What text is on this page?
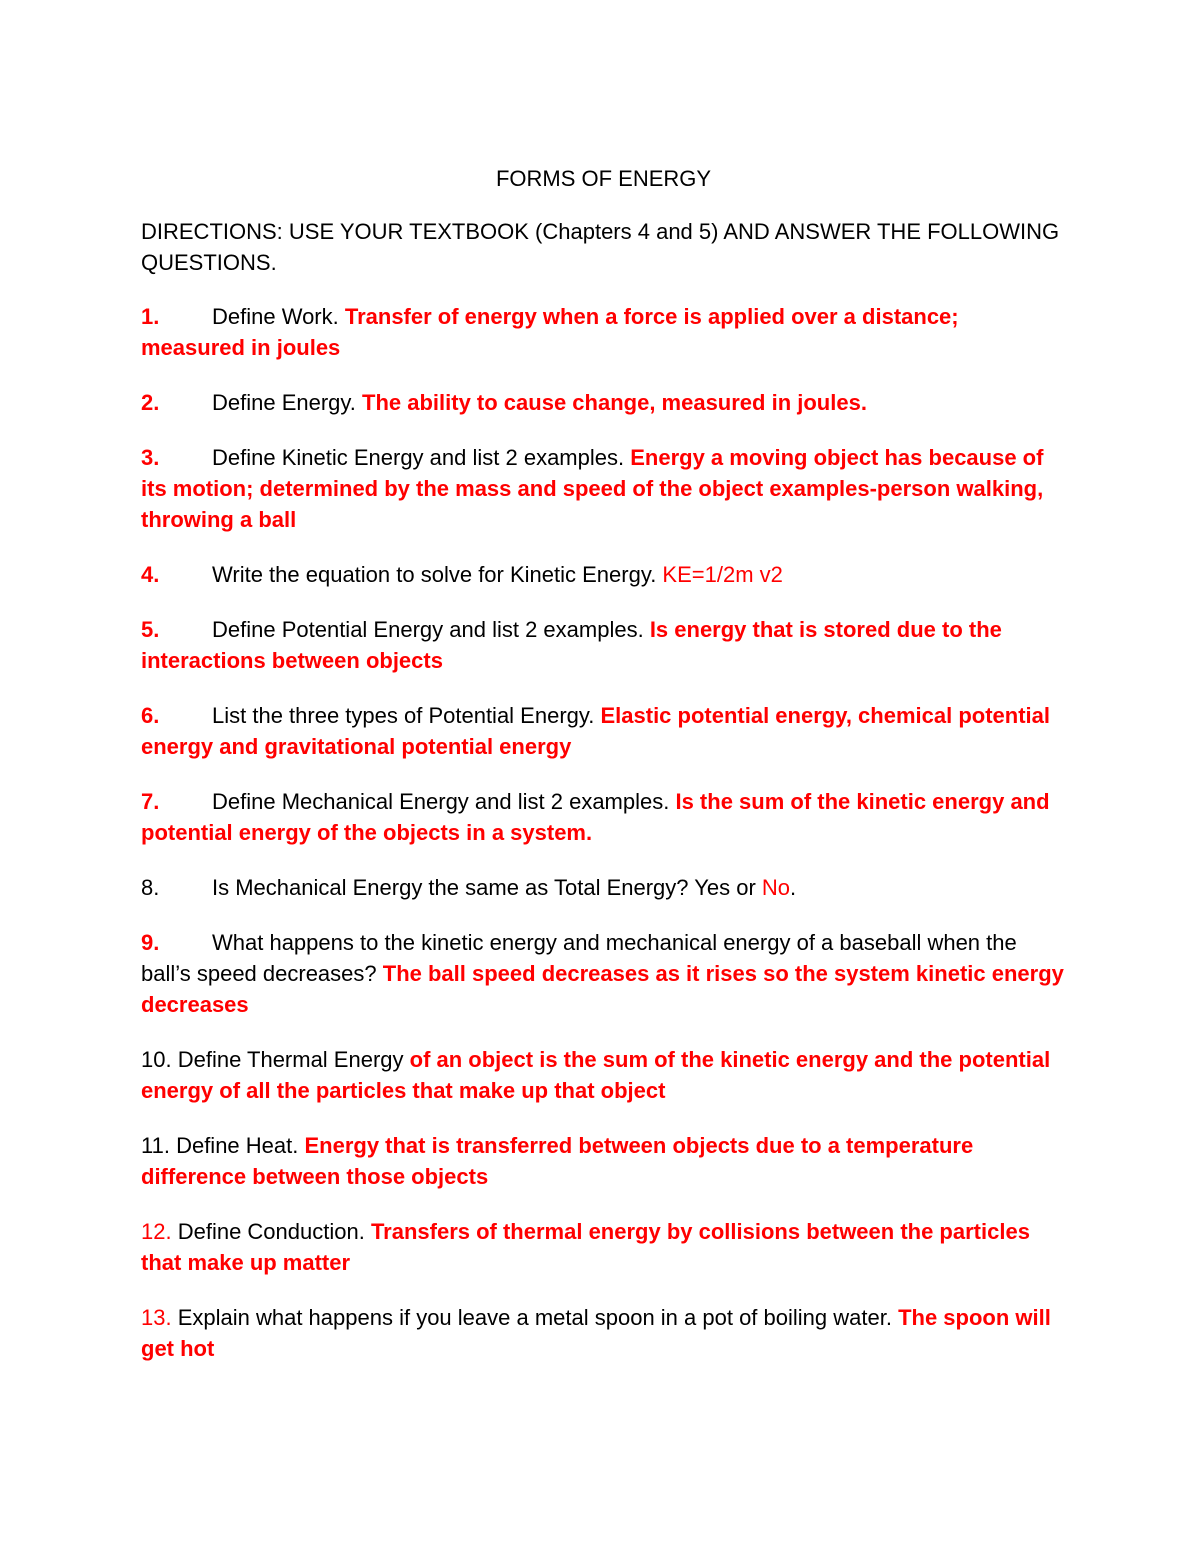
FORMS OF ENERGY
DIRECTIONS: USE YOUR TEXTBOOK (Chapters 4 and 5) AND ANSWER THE FOLLOWING QUESTIONS.
1. Define Work. Transfer of energy when a force is applied over a distance; measured in joules
2. Define Energy. The ability to cause change, measured in joules.
3. Define Kinetic Energy and list 2 examples. Energy a moving object has because of its motion; determined by the mass and speed of the object examples-person walking, throwing a ball
4. Write the equation to solve for Kinetic Energy. KE=1/2m v2
5. Define Potential Energy and list 2 examples. Is energy that is stored due to the interactions between objects
6. List the three types of Potential Energy. Elastic potential energy, chemical potential energy and gravitational potential energy
7. Define Mechanical Energy and list 2 examples. Is the sum of the kinetic energy and potential energy of the objects in a system.
8. Is Mechanical Energy the same as Total Energy? Yes or No.
9. What happens to the kinetic energy and mechanical energy of a baseball when the ball’s speed decreases? The ball speed decreases as it rises so the system kinetic energy decreases
10. Define Thermal Energy of an object is the sum of the kinetic energy and the potential energy of all the particles that make up that object
11. Define Heat. Energy that is transferred between objects due to a temperature difference between those objects
12. Define Conduction. Transfers of thermal energy by collisions between the particles that make up matter
13. Explain what happens if you leave a metal spoon in a pot of boiling water. The spoon will get hot
